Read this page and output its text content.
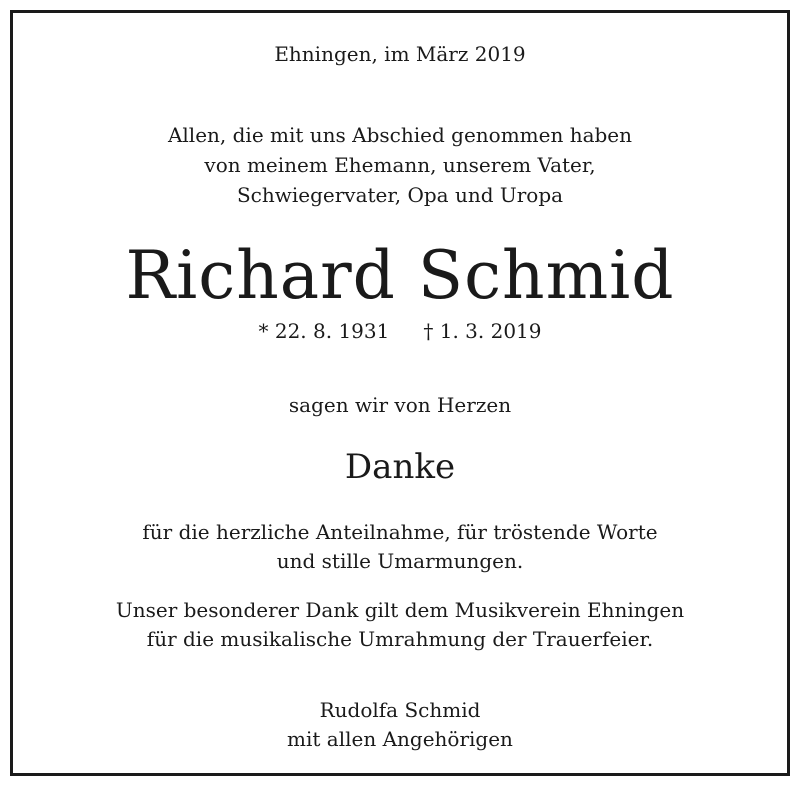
Ehningen, im März 2019
Allen, die mit uns Abschied genommen haben
von meinem Ehemann, unserem Vater,
Schwiegervater, Opa und Uropa
Richard Schmid
* 22. 8. 1931 † 1. 3. 2019
sagen wir von Herzen
Danke
für die herzliche Anteilnahme, für tröstende Worte
und stille Umarmungen.
Unser besonderer Dank gilt dem Musikverein Ehningen
für die musikalische Umrahmung der Trauerfeier.
Rudolfa Schmid
mit allen Angehörigen
